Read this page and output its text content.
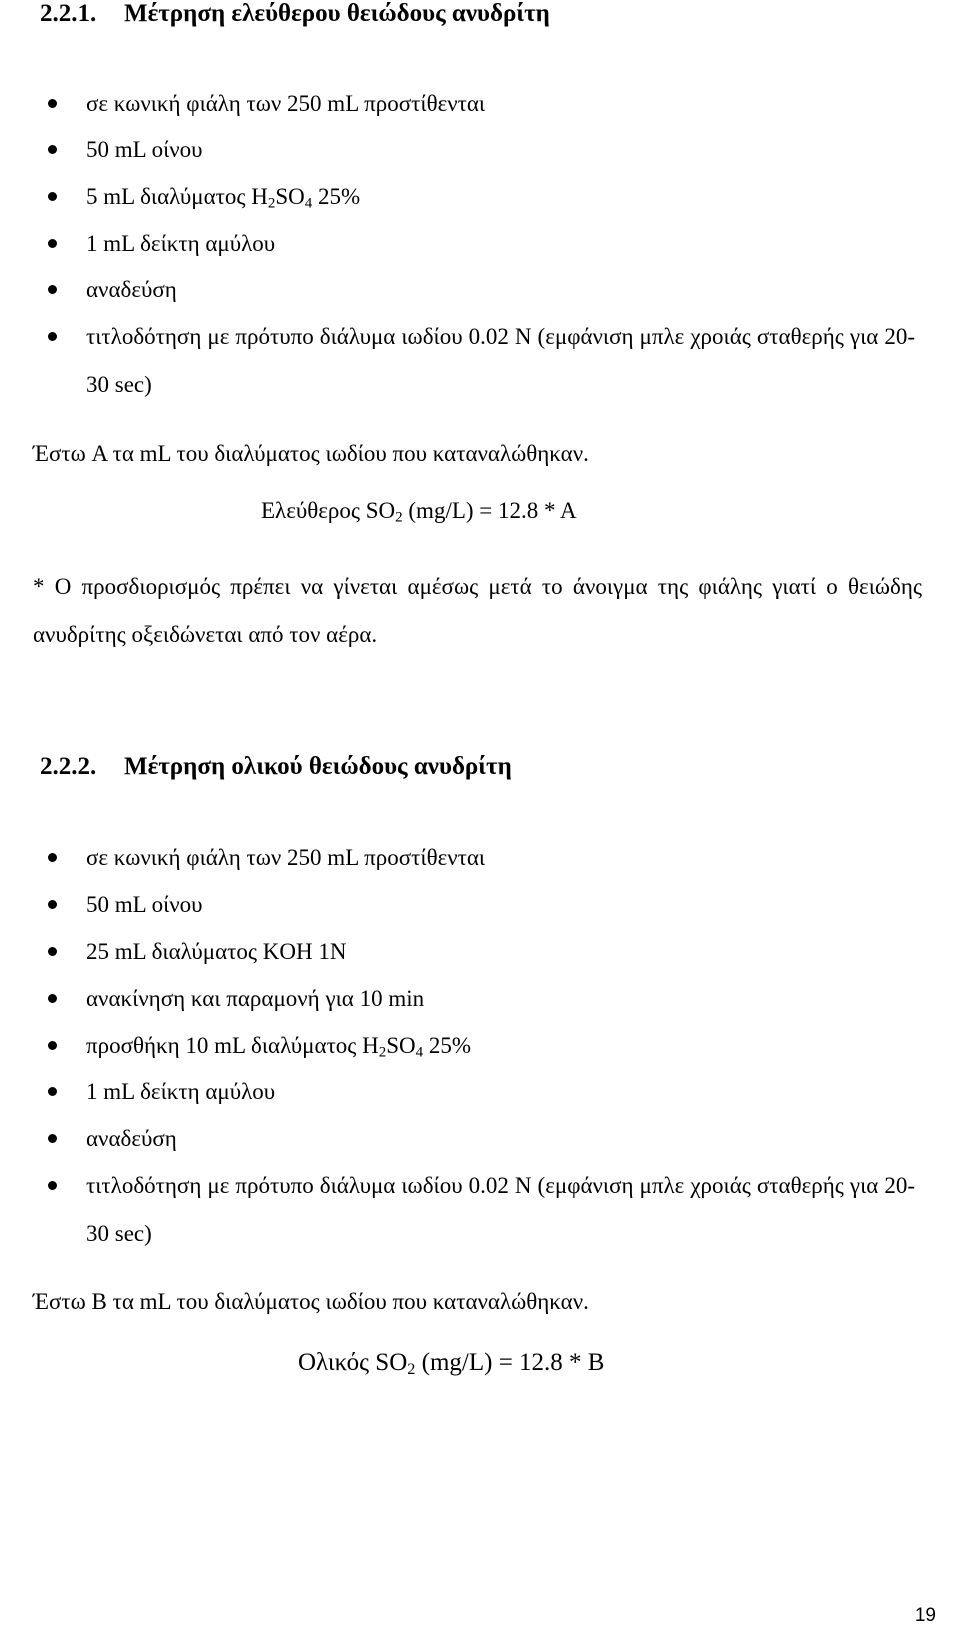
2.2.1. Μέτρηση ελεύθερου θειώδους ανυδρίτη
σε κωνική φιάλη των 250 mL προστίθενται
50 mL οίνου
5 mL διαλύματος $H_2SO_4$ 25%
1 mL δείκτη αμύλου
αναδεύση
τιτλοδότηση με πρότυπο διάλυμα ιωδίου 0.02 N (εμφάνιση μπλε χροιάς σταθερής για 20-30 sec)
Έστω A τα mL του διαλύματος ιωδίου που καταναλώθηκαν.
Ελεύθερος $SO_2$ (mg/L) = 12.8 * A
* Ο προσδιορισμός πρέπει να γίνεται αμέσως μετά το άνοιγμα της φιάλης γιατί ο θειώδης ανυδρίτης οξειδώνεται από τον αέρα.
2.2.2. Μέτρηση ολικού θειώδους ανυδρίτη
σε κωνική φιάλη των 250 mL προστίθενται
50 mL οίνου
25 mL διαλύματος KOH 1N
ανακίνηση και παραμονή για 10 min
προσθήκη 10 mL διαλύματος $H_2SO_4$ 25%
1 mL δείκτη αμύλου
αναδεύση
τιτλοδότηση με πρότυπο διάλυμα ιωδίου 0.02 N (εμφάνιση μπλε χροιάς σταθερής για 20-30 sec)
Έστω B τα mL του διαλύματος ιωδίου που καταναλώθηκαν.
Ολικός $SO_2$ (mg/L) = 12.8 * B
19
